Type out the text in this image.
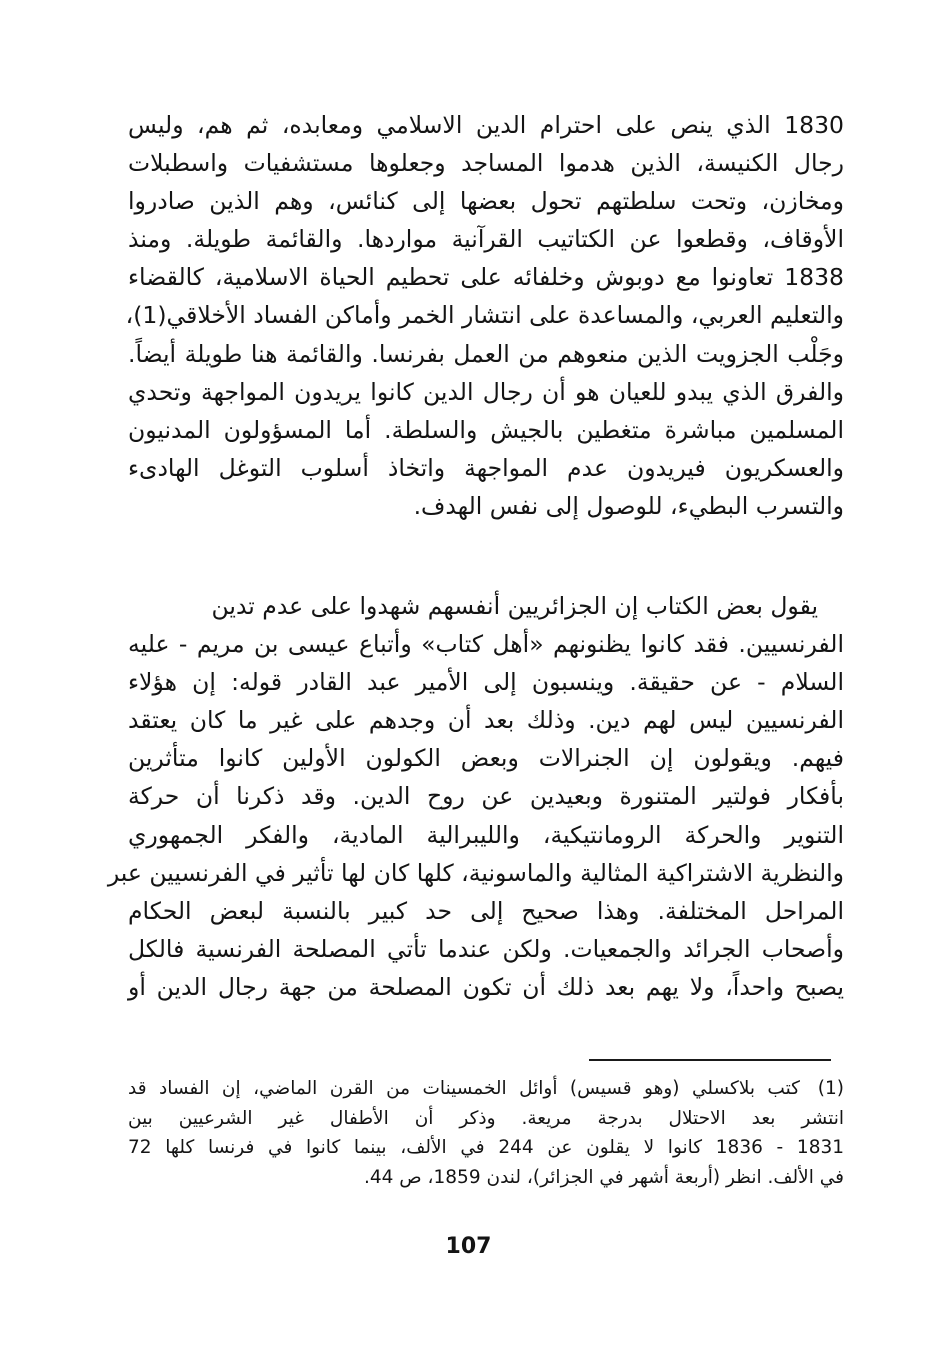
1830 الذي ينص على احترام الدين الاسلامي ومعابده، ثم هم، وليس
رجال الكنيسة، الذين هدموا المساجد وجعلوها مستشفيات واسطبلات
ومخازن، وتحت سلطتهم تحول بعضها إلى كنائس، وهم الذين صادروا
الأوقاف، وقطعوا عن الكتاتيب القرآنية مواردها. والقائمة طويلة. ومنذ
1838 تعاونوا مع دوبوش وخلفائه على تحطيم الحياة الاسلامية، كالقضاء
والتعليم العربي، والمساعدة على انتشار الخمر وأماكن الفساد الأخلاقي(1)،
وجَلْب الجزويت الذين منعوهم من العمل بفرنسا. والقائمة هنا طويلة أيضاً.
والفرق الذي يبدو للعيان هو أن رجال الدين كانوا يريدون المواجهة وتحدي
المسلمين مباشرة متغطين بالجيش والسلطة. أما المسؤولون المدنيون
والعسكريون فيريدون عدم المواجهة واتخاذ أسلوب التوغل الهادىء
والتسرب البطيء، للوصول إلى نفس الهدف.
يقول بعض الكتاب إن الجزائريين أنفسهم شهدوا على عدم تدين
الفرنسيين. فقد كانوا يظنونهم «أهل كتاب» وأتباع عيسى بن مريم - عليه
السلام - عن حقيقة. وينسبون إلى الأمير عبد القادر قوله: إن هؤلاء
الفرنسيين ليس لهم دين. وذلك بعد أن وجدهم على غير ما كان يعتقد
فيهم. ويقولون إن الجنرالات وبعض الكولون الأولين كانوا متأثرين
بأفكار فولتير المتنورة وبعيدين عن روح الدين. وقد ذكرنا أن حركة
التنوير والحركة الرومانتيكية، والليبرالية المادية، والفكر الجمهوري
والنظرية الاشتراكية المثالية والماسونية، كلها كان لها تأثير في الفرنسيين عبر
المراحل المختلفة. وهذا صحيح إلى حد كبير بالنسبة لبعض الحكام
وأصحاب الجرائد والجمعيات. ولكن عندما تأتي المصلحة الفرنسية فالكل
يصبح واحداً، ولا يهم بعد ذلك أن تكون المصلحة من جهة رجال الدين أو
(1)
كتب بلاكسلي (وهو قسيس) أوائل الخمسينات من القرن الماضي، إن الفساد قد
انتشر بعد الاحتلال بدرجة مريعة. وذكر أن الأطفال غير الشرعيين بين
1831 - 1836 كانوا لا يقلون عن 244 في الألف، بينما كانوا في فرنسا كلها 72
في الألف. انظر (أربعة أشهر في الجزائر)، لندن 1859، ص 44.
107
